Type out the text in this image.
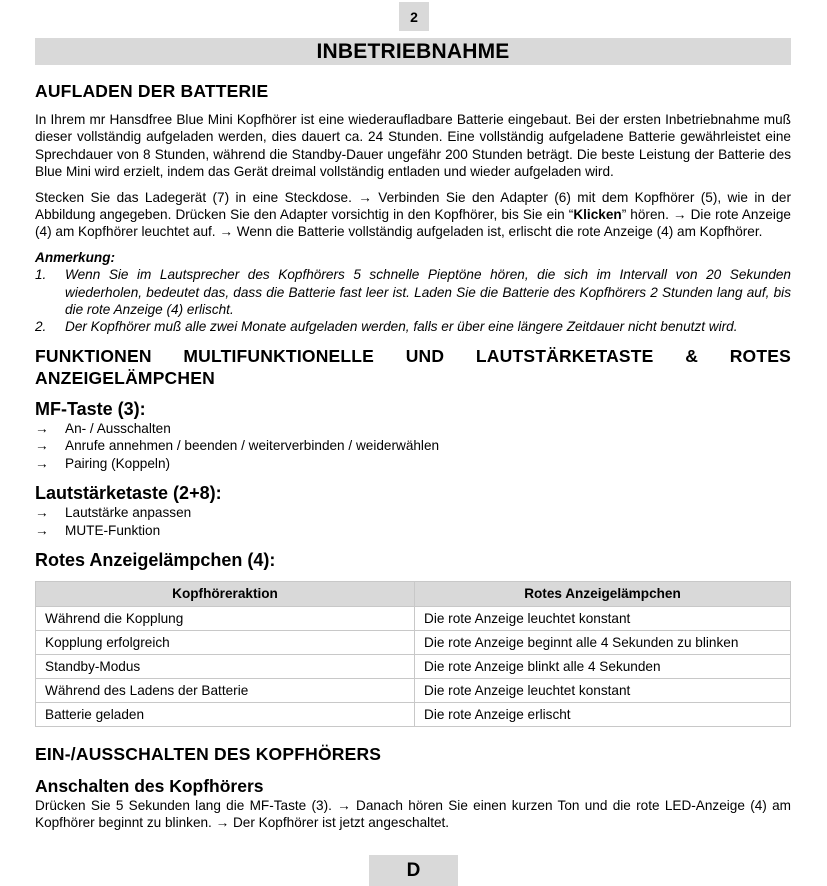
2
INBETRIEBNAHME
AUFLADEN DER BATTERIE

In Ihrem mr Hansdfree Blue Mini Kopfhörer ist eine wiederaufladbare Batterie eingebaut. Bei der ersten Inbetriebnahme muß dieser vollständig aufgeladen werden, dies dauert ca. 24 Stunden. Eine vollständig aufgeladene Batterie gewährleistet eine Sprechdauer von 8 Stunden, während die Standby-Dauer ungefähr 200 Stunden beträgt. Die beste Leistung der Batterie des Blue Mini wird erzielt, indem das Gerät dreimal vollständig entladen und wieder aufgeladen wird.

Stecken Sie das Ladegerät (7) in eine Steckdose. → Verbinden Sie den Adapter (6) mit dem Kopfhörer (5), wie in der Abbildung angegeben. Drücken Sie den Adapter vorsichtig in den Kopfhörer, bis Sie ein “Klicken” hören. → Die rote Anzeige (4) am Kopfhörer leuchtet auf. → Wenn die Batterie vollständig aufgeladen ist, erlischt die rote Anzeige (4) am Kopfhörer.

Anmerkung:
1. Wenn Sie im Lautsprecher des Kopfhörers 5 schnelle Pieptöne hören, die sich im Intervall von 20 Sekunden wiederholen, bedeutet das, dass die Batterie fast leer ist. Laden Sie die Batterie des Kopfhörers 2 Stunden lang auf, bis die rote Anzeige (4) erlischt.
2. Der Kopfhörer muß alle zwei Monate aufgeladen werden, falls er über eine längere Zeitdauer nicht benutzt wird.
FUNKTIONEN MULTIFUNKTIONELLE UND LAUTSTÄRKETASTE & ROTES
ANZEIGELÄMPCHEN
MF-Taste (3):
→ An- / Ausschalten
→ Anrufe annehmen / beenden / weiterverbinden / weiderwählen
→ Pairing (Koppeln)
Lautstärketaste (2+8):
→ Lautstärke anpassen
→ MUTE-Funktion
Rotes Anzeigelämpchen (4):
Kopfhöreraktion	Rotes Anzeigelämpchen
Während die Kopplung	Die rote Anzeige leuchtet konstant
Kopplung erfolgreich	Die rote Anzeige beginnt alle 4 Sekunden zu blinken
Standby-Modus	Die rote Anzeige blinkt alle 4 Sekunden
Während des Ladens der Batterie	Die rote Anzeige leuchtet konstant
Batterie geladen	Die rote Anzeige erlischt
EIN-/AUSSCHALTEN DES KOPFHÖRERS
Anschalten des Kopfhörers

Drücken Sie 5 Sekunden lang die MF-Taste (3). → Danach hören Sie einen kurzen Ton und die rote LED-Anzeige (4) am Kopfhörer beginnt zu blinken. → Der Kopfhörer ist jetzt angeschaltet.

D
